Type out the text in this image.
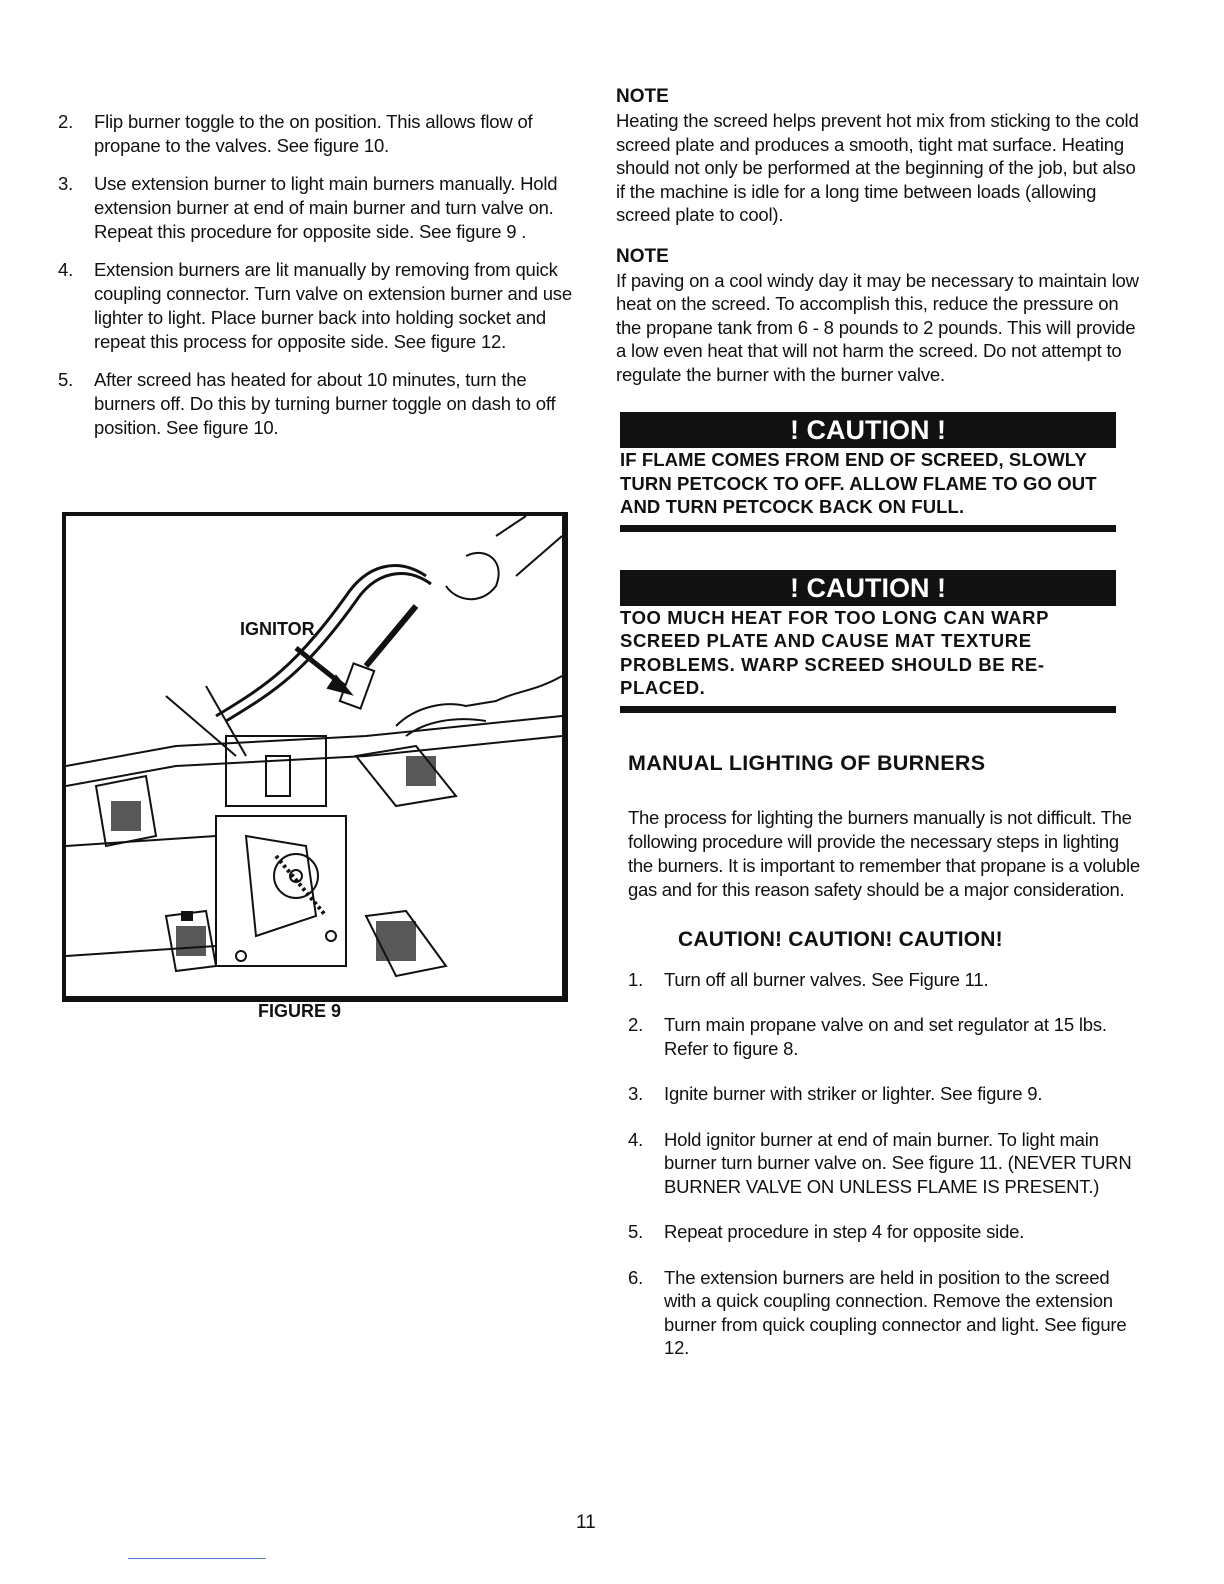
2. Flip burner toggle to the on position. This allows flow of propane to the valves. See figure 10.
3. Use extension burner to light main burners manually. Hold extension burner at end of main burner and turn valve on. Repeat this procedure for opposite side. See figure 9 .
4. Extension burners are lit manually by removing from quick coupling connector. Turn valve on extension burner and use lighter to light. Place burner back into holding socket and repeat this process for opposite side. See figure 12.
5. After screed has heated for about 10 minutes, turn the burners off. Do this by turning burner toggle on dash to off position. See figure 10.
IGNITOR
FIGURE 9
NOTE
Heating the screed helps prevent hot mix from sticking to the cold screed plate and produces a smooth, tight mat surface. Heating should not only be performed at the beginning of the job, but also if the machine is idle for a long time between loads (allowing screed plate to cool).
NOTE
If paving on a cool windy day it may be necessary to maintain low heat on the screed. To accomplish this, reduce the pressure on the propane tank from 6 - 8 pounds to 2 pounds. This will provide a low even heat that will not harm the screed. Do not attempt to regulate the burner with the burner valve.
! CAUTION !
IF FLAME COMES FROM END OF SCREED, SLOWLY TURN PETCOCK TO OFF. ALLOW FLAME TO GO OUT AND TURN PETCOCK BACK ON FULL.
! CAUTION !
TOO MUCH HEAT FOR TOO LONG CAN WARP SCREED PLATE AND CAUSE MAT TEXTURE PROBLEMS. WARP SCREED SHOULD BE RE-PLACED.
MANUAL LIGHTING OF BURNERS
The process for lighting the burners manually is not difficult. The following procedure will provide the necessary steps in lighting the burners. It is important to remember that propane is a voluble gas and for this reason safety should be a major consideration.
CAUTION! CAUTION! CAUTION!
1. Turn off all burner valves. See Figure 11.
2. Turn main propane valve on and set regulator at 15 lbs. Refer to figure 8.
3. Ignite burner with striker or lighter. See figure 9.
4. Hold ignitor burner at end of main burner. To light main burner turn burner valve on. See figure 11. (NEVER TURN BURNER VALVE ON UNLESS FLAME IS PRESENT.)
5. Repeat procedure in step 4 for opposite side.
6. The extension burners are held in position to the screed with a quick coupling connection. Remove the extension burner from quick coupling connector and light. See figure 12.
11
